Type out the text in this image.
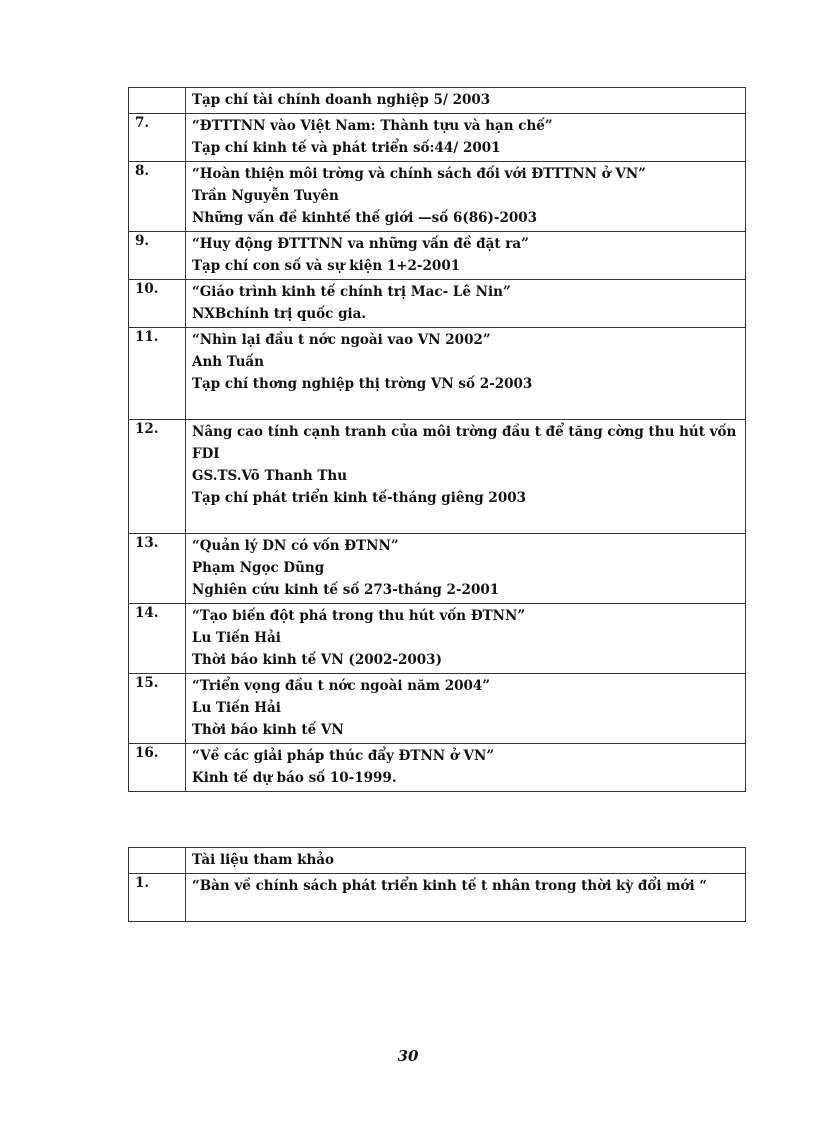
	Tạp chí tài chính doanh nghiệp 5/ 2003

7.	“ĐTTTNN vào Việt Nam: Thành tựu và hạn chế”
Tạp chí kinh tế và phát triển số:44/ 2001

8.	“Hoàn thiện môi trờng và chính sách đối với ĐTTTNN ở VN”
Trần Nguyễn Tuyên
Những vấn đề kinhtế thế giới —số 6(86)-2003

9.	“Huy động ĐTTTNN va những vấn đề đặt ra”
Tạp chí con số và sự kiện 1+2-2001

10.	“Giáo trình kinh tế chính trị Mac- Lê Nin”
NXBchính trị quốc gia.

11.	“Nhìn lại đầu t nớc ngoài vao VN 2002”
Anh Tuấn
Tạp chí thơng nghiệp thị trờng VN số 2-2003

12.	Nâng cao tính cạnh tranh của môi trờng đầu t để tăng cờng thu hút vốn FDI
GS.TS.Võ Thanh Thu
Tạp chí phát triển kinh tế-tháng giêng 2003

13.	“Quản lý DN có vốn ĐTNN”
Phạm Ngọc Dũng
Nghiên cứu kinh tế số 273-tháng 2-2001

14.	“Tạo biến đột phá trong thu hút vốn ĐTNN”
Lu Tiến Hải
Thời báo kinh tế VN (2002-2003)

15.	“Triển vọng đầu t nớc ngoài năm 2004”
Lu Tiến Hải
Thời báo kinh tế VN

16.	“Về các giải pháp thúc đẩy ĐTNN ở VN”
Kinh tế dự báo số 10-1999.

	Tài liệu tham khảo

1.	“Bàn về chính sách phát triển kinh tế t nhân trong thời kỳ đổi mới “
30
